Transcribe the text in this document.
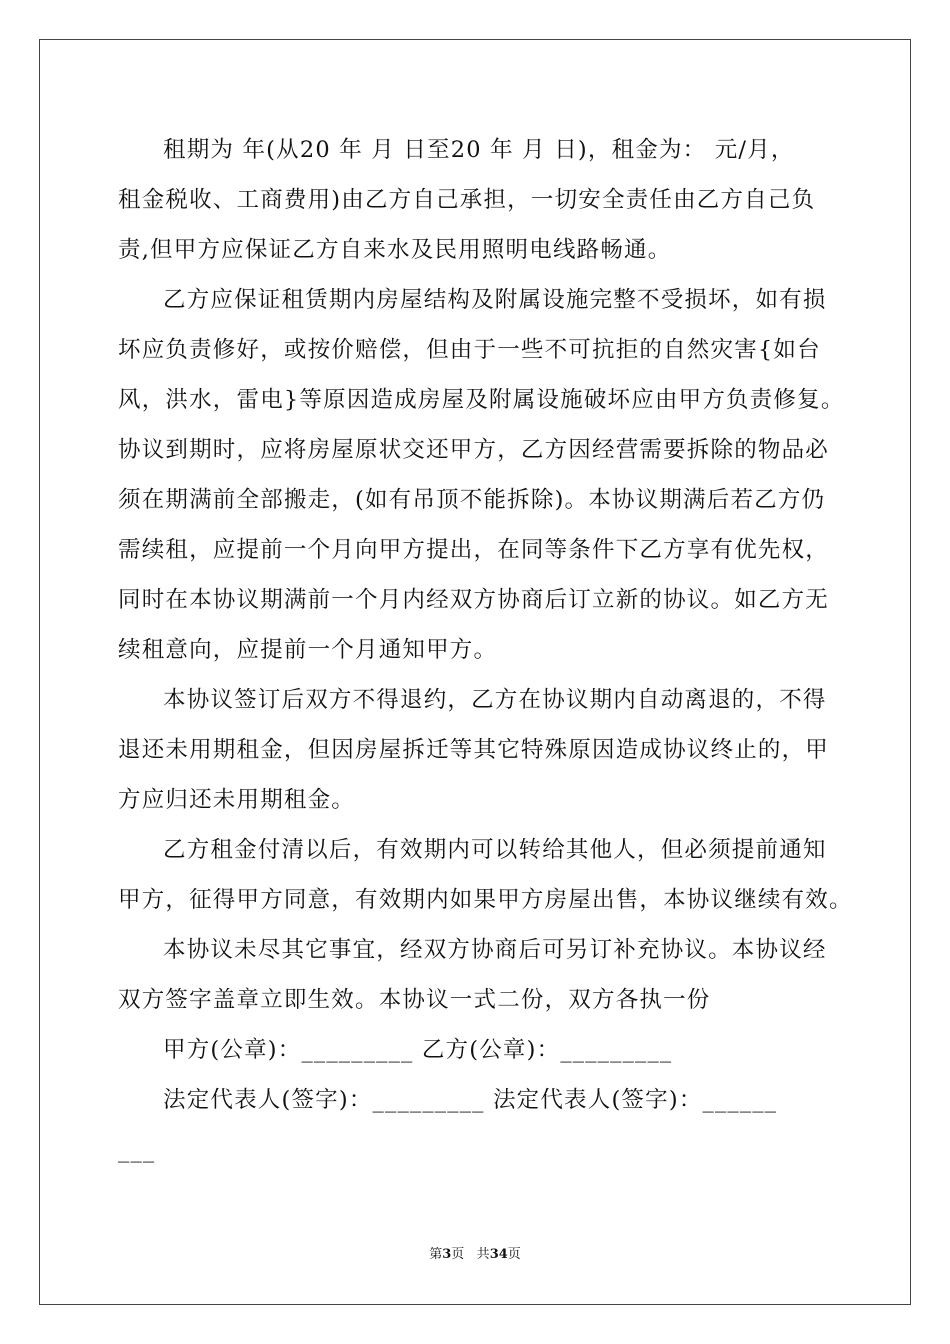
租期为 年(从20 年 月 日至20 年 月 日)，租金为： 元/月，
租金税收、工商费用)由乙方自己承担，一切安全责任由乙方自己负
责,但甲方应保证乙方自来水及民用照明电线路畅通。
乙方应保证租赁期内房屋结构及附属设施完整不受损坏，如有损
坏应负责修好，或按价赔偿，但由于一些不可抗拒的自然灾害{如台
风，洪水，雷电}等原因造成房屋及附属设施破坏应由甲方负责修复。
协议到期时，应将房屋原状交还甲方，乙方因经营需要拆除的物品必
须在期满前全部搬走，(如有吊顶不能拆除)。本协议期满后若乙方仍
需续租，应提前一个月向甲方提出，在同等条件下乙方享有优先权，
同时在本协议期满前一个月内经双方协商后订立新的协议。如乙方无
续租意向，应提前一个月通知甲方。
本协议签订后双方不得退约，乙方在协议期内自动离退的，不得
退还未用期租金，但因房屋拆迁等其它特殊原因造成协议终止的，甲
方应归还未用期租金。
乙方租金付清以后，有效期内可以转给其他人，但必须提前通知
甲方，征得甲方同意，有效期内如果甲方房屋出售，本协议继续有效。
本协议未尽其它事宜，经双方协商后可另订补充协议。本协议经
双方签字盖章立即生效。本协议一式二份，双方各执一份
甲方(公章)：_________ 乙方(公章)：_________
法定代表人(签字)：_________ 法定代表人(签字)：______
___
第3页 共34页
